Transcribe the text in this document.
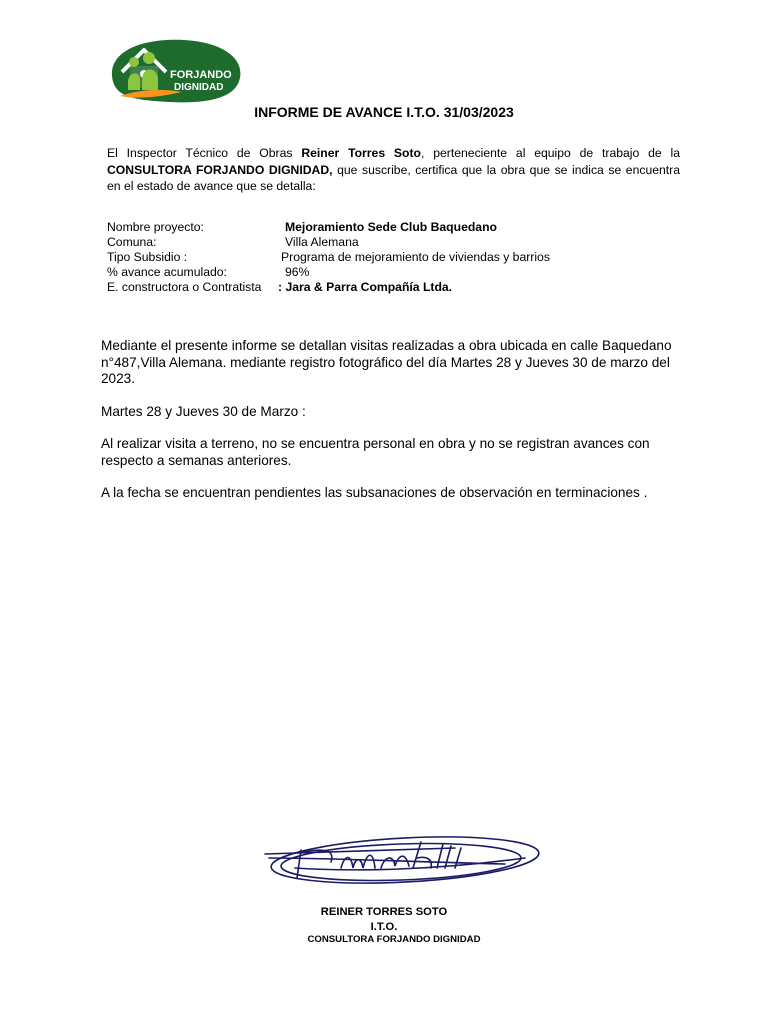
FORJANDO
DIGNIDAD
INFORME DE AVANCE I.T.O. 31/03/2023
El Inspector Técnico de Obras Reiner Torres Soto, perteneciente al equipo de trabajo de la CONSULTORA FORJANDO DIGNIDAD, que suscribe, certifica que la obra que se indica se encuentra en el estado de avance que se detalla:
Nombre proyecto:	Mejoramiento Sede Club Baquedano
Comuna:	Villa Alemana
Tipo Subsidio :	Programa de mejoramiento de viviendas y barrios
% avance acumulado:	96%
E. constructora o Contratista : Jara & Parra Compañía Ltda.

Mediante el presente informe se detallan visitas realizadas a obra ubicada en calle Baquedano n°487,Villa Alemana. mediante registro fotográfico del día Martes 28 y Jueves 30 de marzo del 2023.

Martes 28 y Jueves 30 de Marzo :

Al realizar visita a terreno, no se encuentra personal en obra y no se registran avances con respecto a semanas anteriores.

A la fecha se encuentran pendientes las subsanaciones de observación en terminaciones .

REINER TORRES SOTO
I.T.O.
CONSULTORA FORJANDO DIGNIDAD
